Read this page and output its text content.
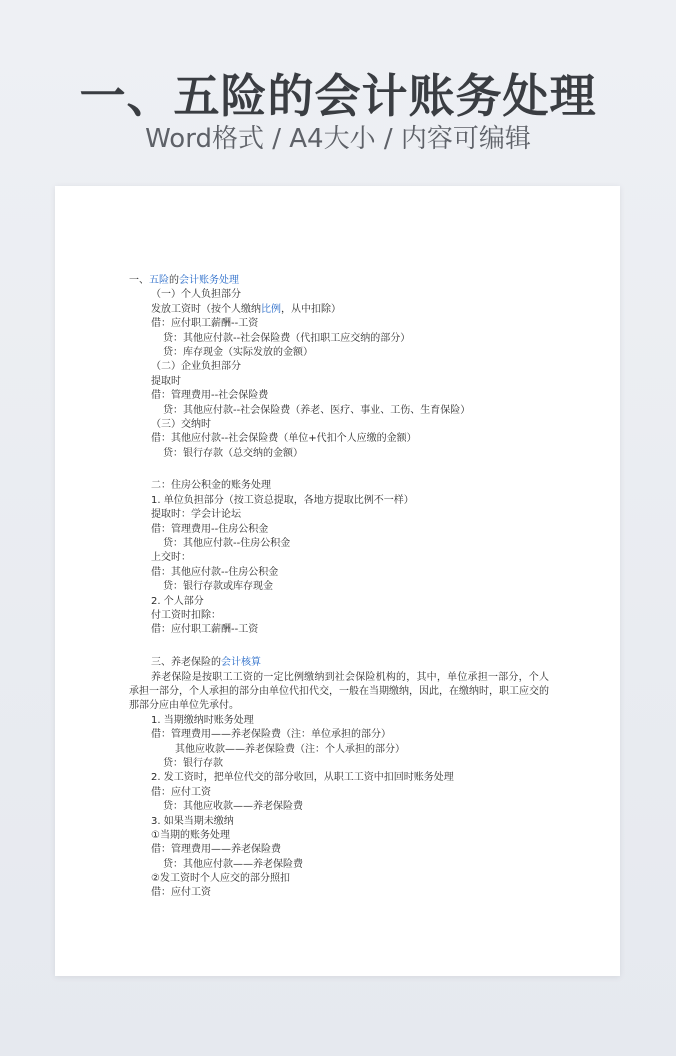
一、五险的会计账务处理
Word格式 / A4大小 / 内容可编辑
一、五险的会计账务处理
（一）个人负担部分
发放工资时（按个人缴纳比例，从中扣除）
借：应付职工薪酬--工资
贷：其他应付款--社会保险费（代扣职工应交纳的部分）
贷：库存现金（实际发放的金额）
（二）企业负担部分
提取时
借：管理费用--社会保险费
贷：其他应付款--社会保险费（养老、医疗、事业、工伤、生育保险）
（三）交纳时
借：其他应付款--社会保险费（单位+代扣个人应缴的金额）
贷：银行存款（总交纳的金额）
二：住房公积金的账务处理
1. 单位负担部分（按工资总提取，各地方提取比例不一样）
提取时：学会计论坛
借：管理费用--住房公积金
贷：其他应付款--住房公积金
上交时：
借：其他应付款--住房公积金
贷：银行存款或库存现金
2. 个人部分
付工资时扣除：
借：应付职工薪酬--工资
三、养老保险的会计核算
养老保险是按职工工资的一定比例缴纳到社会保险机构的，其中，单位承担一部分，个人承担一部分，个人承担的部分由单位代扣代交，一般在当期缴纳，因此，在缴纳时，职工应交的那部分应由单位先承付。
1. 当期缴纳时账务处理
借：管理费用——养老保险费（注：单位承担的部分）
其他应收款——养老保险费（注：个人承担的部分）
贷：银行存款
2. 发工资时，把单位代交的部分收回，从职工工资中扣回时账务处理
借：应付工资
贷：其他应收款——养老保险费
3. 如果当期未缴纳
①当期的账务处理
借：管理费用——养老保险费
贷：其他应付款——养老保险费
②发工资时个人应交的部分照扣
借：应付工资
